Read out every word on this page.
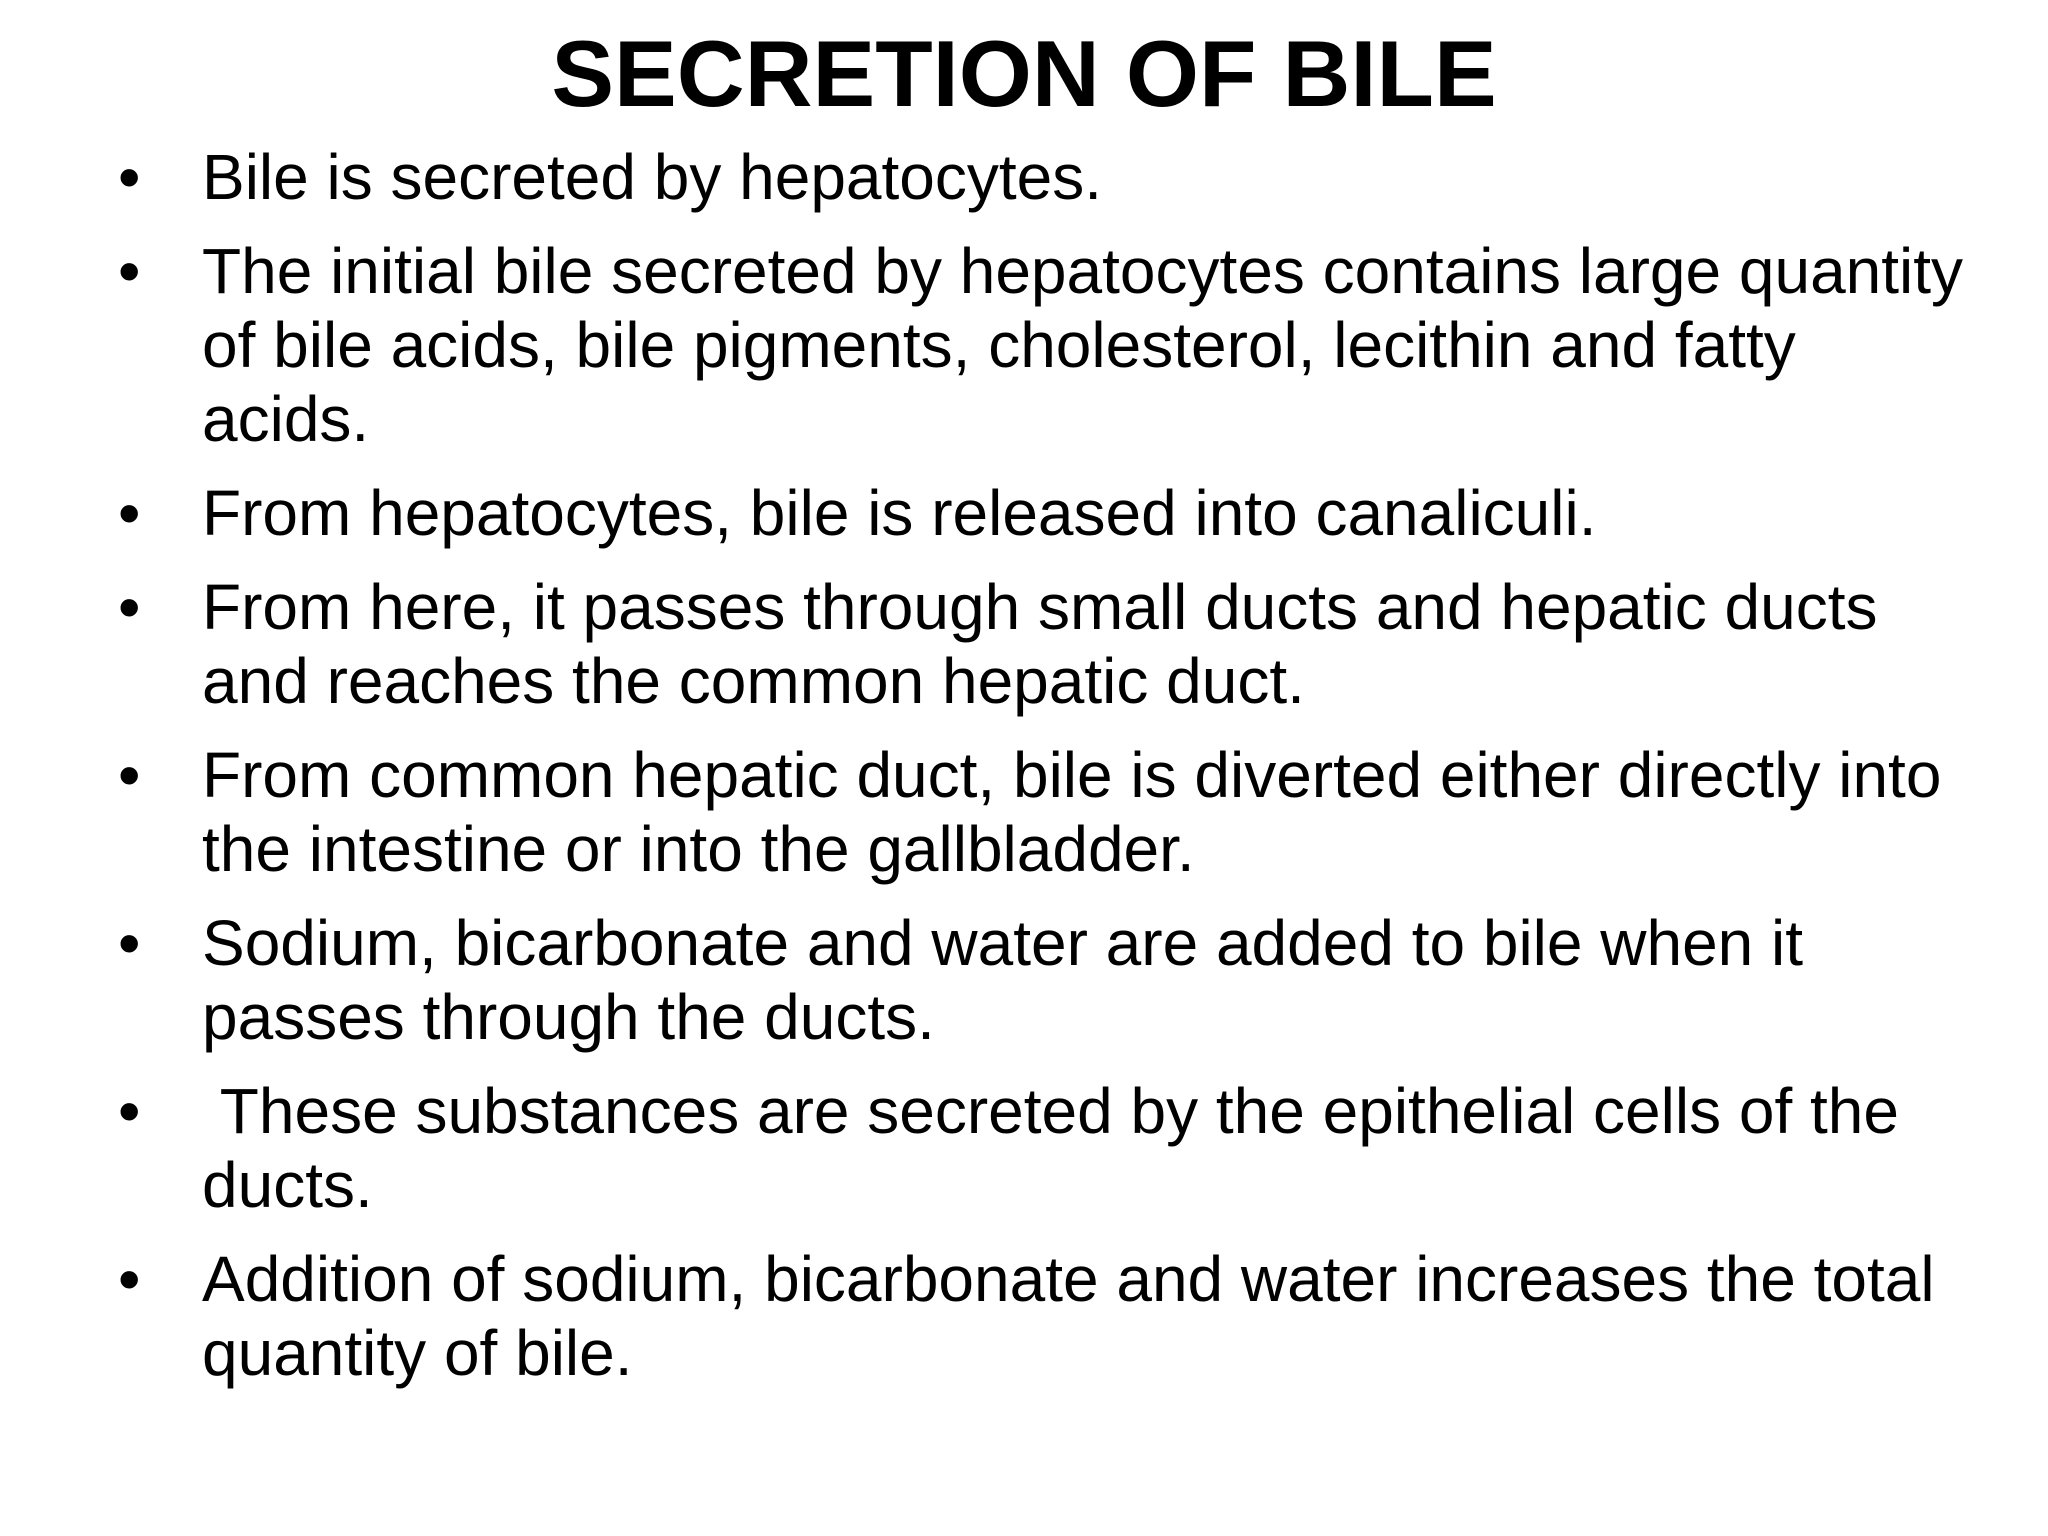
SECRETION OF BILE
• Bile is secreted by hepatocytes.
• The initial bile secreted by hepatocytes contains large quantity of bile acids, bile pigments, cholesterol, lecithin and fatty acids.
• From hepatocytes, bile is released into canaliculi.
• From here, it passes through small ducts and hepatic ducts and reaches the common hepatic duct.
• From common hepatic duct, bile is diverted either directly into the intestine or into the gallbladder.
• Sodium, bicarbonate and water are added to bile when it passes through the ducts.
• These substances are secreted by the epithelial cells of the ducts.
• Addition of sodium, bicarbonate and water increases the total quantity of bile.
